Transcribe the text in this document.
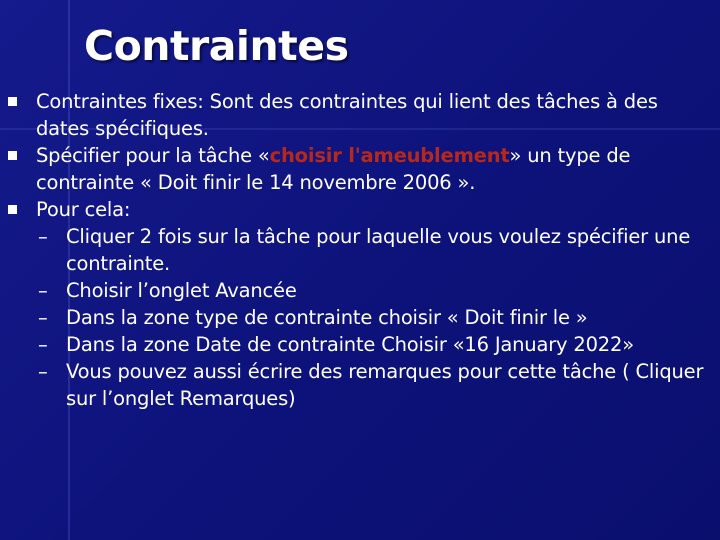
Contraintes
Contraintes fixes: Sont des contraintes qui lient des tâches à des dates spécifiques.
Spécifier pour la tâche «choisir l'ameublement» un type de contrainte « Doit finir le 14 novembre 2006 ».
Pour cela:
– Cliquer 2 fois sur la tâche pour laquelle vous voulez spécifier une contrainte.
– Choisir l’onglet Avancée
– Dans la zone type de contrainte choisir « Doit finir le »
– Dans la zone Date de contrainte Choisir «16 January 2022»
– Vous pouvez aussi écrire des remarques pour cette tâche ( Cliquer sur l’onglet Remarques)
